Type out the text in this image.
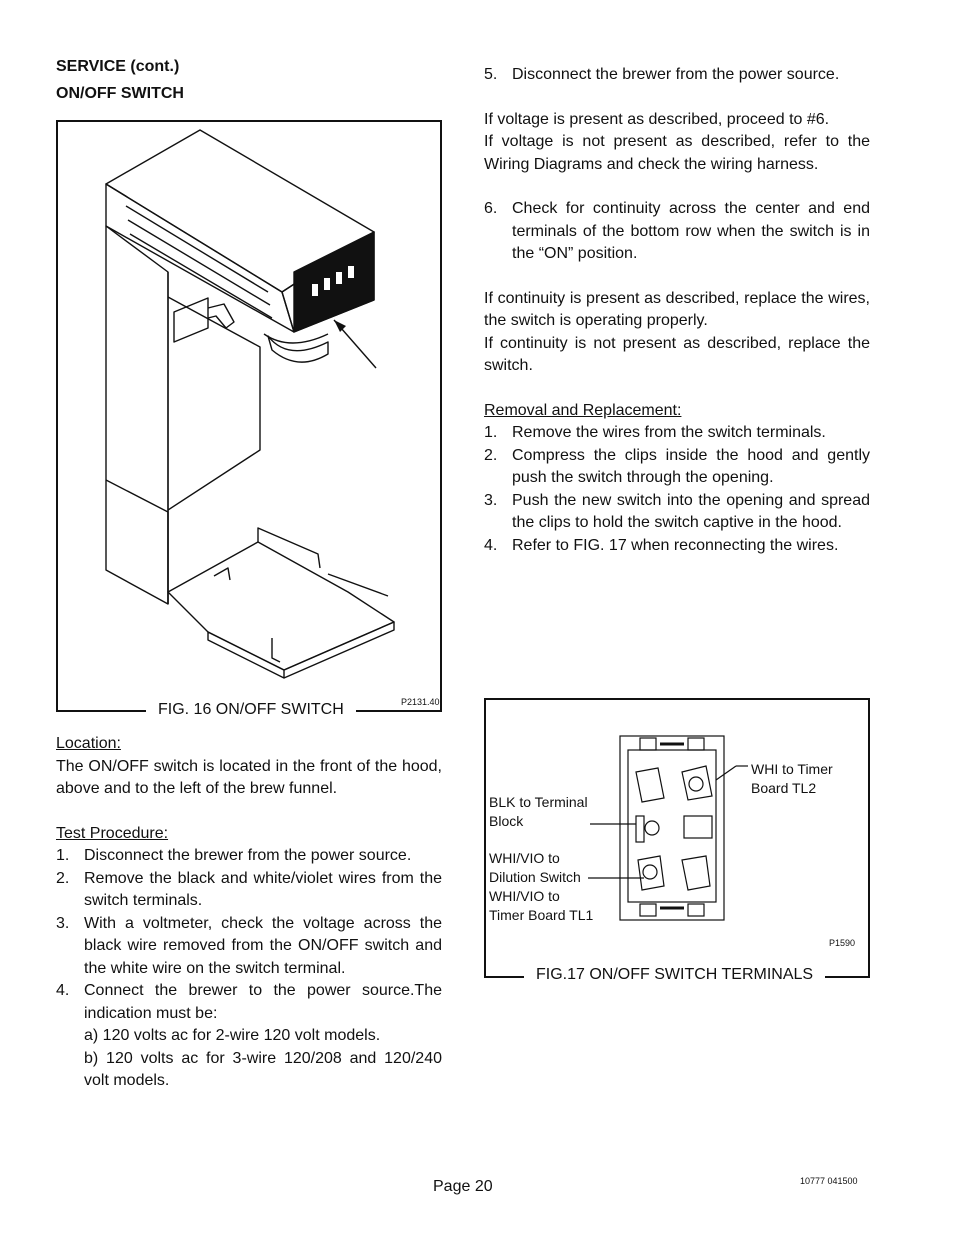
SERVICE (cont.)
ON/OFF SWITCH
FIG. 16 ON/OFF SWITCH	P2131.40
Location:
The ON/OFF switch is located in the front of the hood, above and to the left of the brew funnel.
Test Procedure:
1. Disconnect the brewer from the power source.
2. Remove the black and white/violet wires from the switch terminals.
3. With a voltmeter, check the voltage across the black wire removed from the ON/OFF switch and the white wire on the switch terminal.
4. Connect the brewer to the power source.The indication must be:
a) 120 volts ac for 2-wire 120 volt models.
b) 120 volts ac for 3-wire 120/208 and 120/240 volt models.
5. Disconnect the brewer from the power source.
If voltage is present as described, proceed to #6.
If voltage is not present as described, refer to the Wiring Diagrams and check the wiring harness.
6. Check for continuity across the center and end terminals of the bottom row when the switch is in the “ON” position.
If continuity is present as described, replace the wires, the switch is operating properly.
If continuity is not present as described, replace the switch.
Removal and Replacement:
1. Remove the wires from the switch terminals.
2. Compress the clips inside the hood and gently push the switch through the opening.
3. Push the new switch into the opening and spread the clips to hold the switch captive in the hood.
4. Refer to FIG. 17 when reconnecting the wires.
WHI to Timer
Board TL2
BLK to Terminal
Block
WHI/VIO to
Dilution Switch
WHI/VIO to
Timer Board TL1
P1590
FIG.17 ON/OFF SWITCH TERMINALS
Page 20	10777 041500
